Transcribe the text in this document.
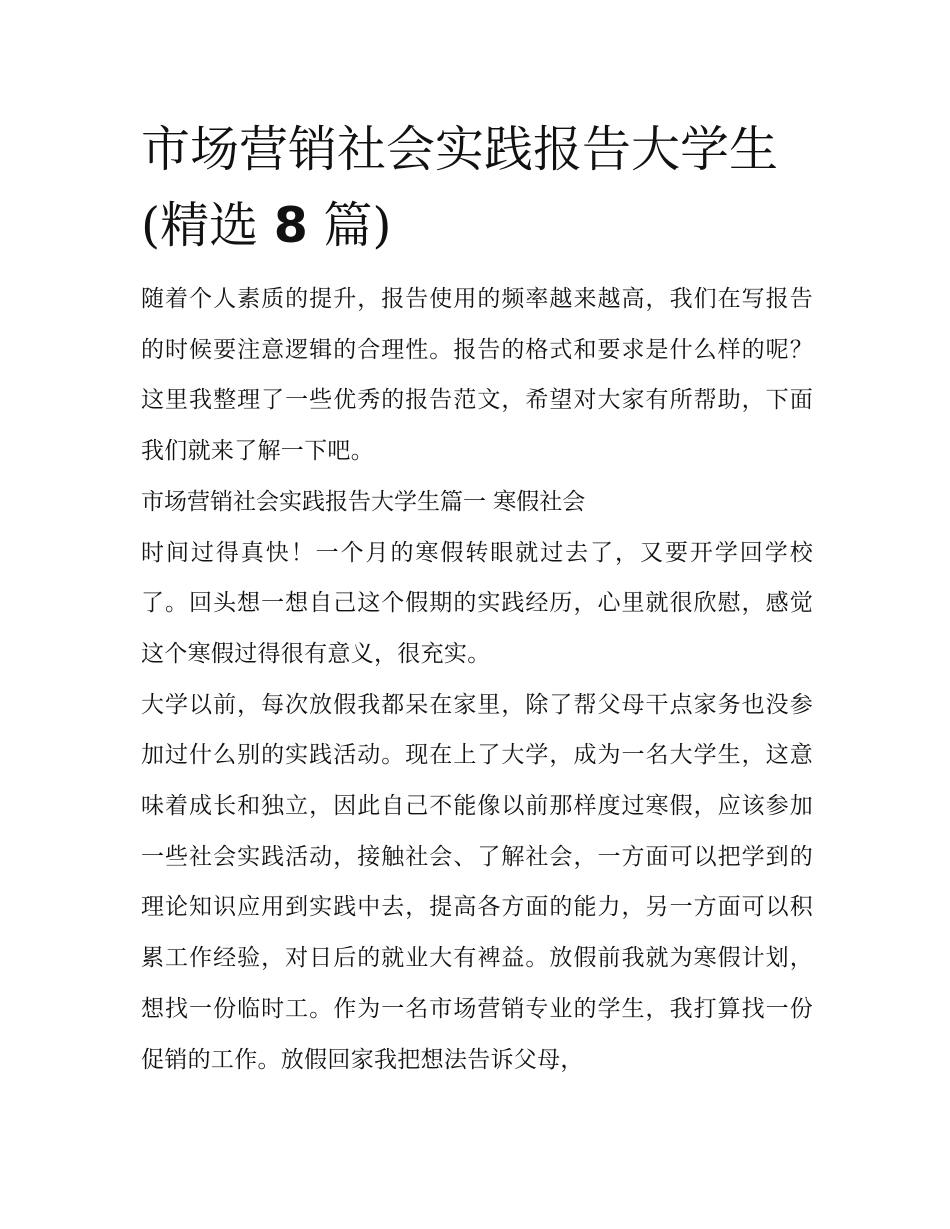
市场营销社会实践报告大学生
(精选 8 篇)

随着个人素质的提升，报告使用的频率越来越高，我们在写报告的时候要注意逻辑的合理性。报告的格式和要求是什么样的呢？这里我整理了一些优秀的报告范文，希望对大家有所帮助，下面我们就来了解一下吧。

市场营销社会实践报告大学生篇一 寒假社会

时间过得真快！一个月的寒假转眼就过去了，又要开学回学校了。回头想一想自己这个假期的实践经历，心里就很欣慰，感觉这个寒假过得很有意义，很充实。

大学以前，每次放假我都呆在家里，除了帮父母干点家务也没参加过什么别的实践活动。现在上了大学，成为一名大学生，这意味着成长和独立，因此自己不能像以前那样度过寒假，应该参加一些社会实践活动，接触社会、了解社会，一方面可以把学到的理论知识应用到实践中去，提高各方面的能力，另一方面可以积累工作经验，对日后的就业大有裨益。放假前我就为寒假计划，想找一份临时工。作为一名市场营销专业的学生，我打算找一份促销的工作。放假回家我把想法告诉父母，
